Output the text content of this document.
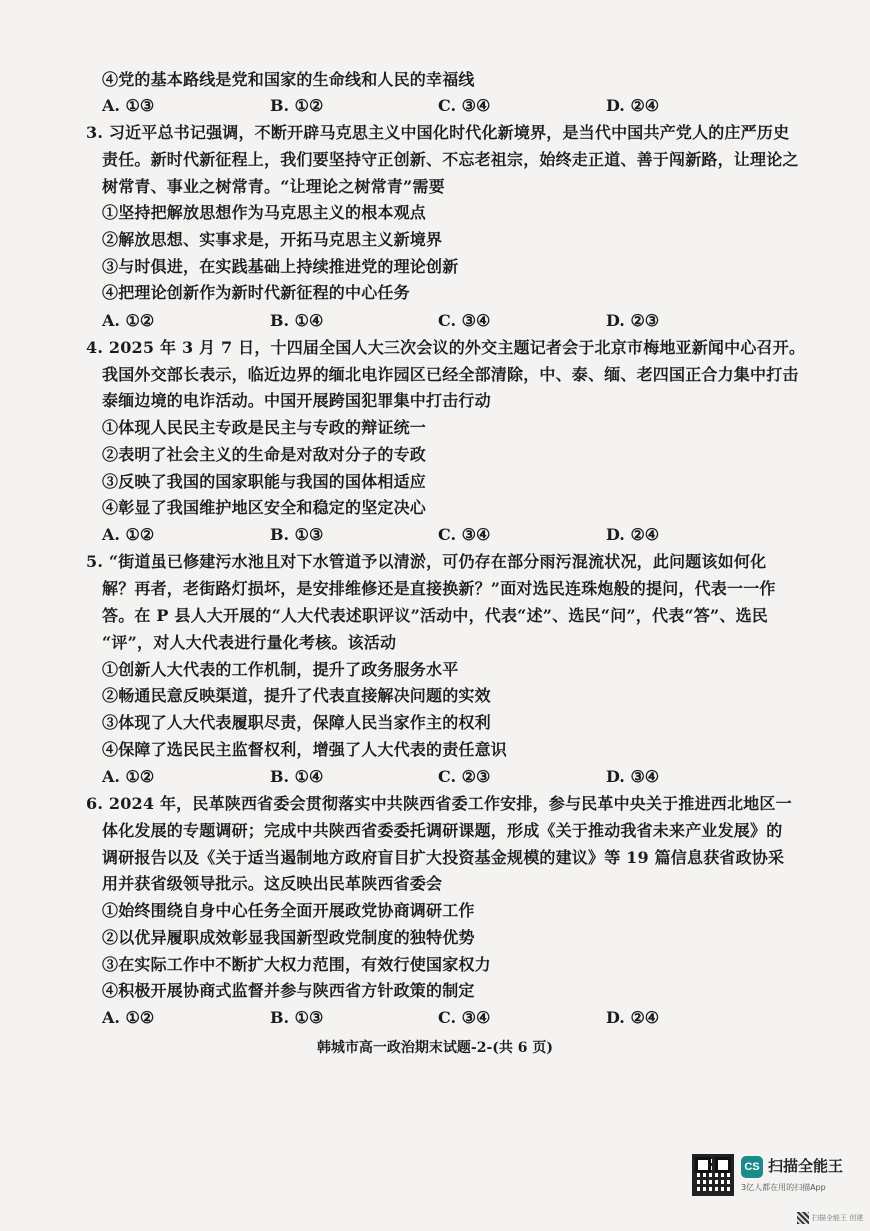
④党的基本路线是党和国家的生命线和人民的幸福线
A. ①③	B. ①②	C. ③④	D. ②④
3. 习近平总书记强调，不断开辟马克思主义中国化时代化新境界，是当代中国共产党人的庄严历史
责任。新时代新征程上，我们要坚持守正创新、不忘老祖宗，始终走正道、善于闯新路，让理论之
树常青、事业之树常青。“让理论之树常青”需要
①坚持把解放思想作为马克思主义的根本观点
②解放思想、实事求是，开拓马克思主义新境界
③与时俱进，在实践基础上持续推进党的理论创新
④把理论创新作为新时代新征程的中心任务
A. ①②	B. ①④	C. ③④	D. ②③
4. 2025 年 3 月 7 日，十四届全国人大三次会议的外交主题记者会于北京市梅地亚新闻中心召开。
我国外交部长表示，临近边界的缅北电诈园区已经全部清除，中、泰、缅、老四国正合力集中打击
泰缅边境的电诈活动。中国开展跨国犯罪集中打击行动
①体现人民民主专政是民主与专政的辩证统一
②表明了社会主义的生命是对敌对分子的专政
③反映了我国的国家职能与我国的国体相适应
④彰显了我国维护地区安全和稳定的坚定决心
A. ①②	B. ①③	C. ③④	D. ②④
5. “街道虽已修建污水池且对下水管道予以清淤，可仍存在部分雨污混流状况，此问题该如何化
解？再者，老街路灯损坏，是安排维修还是直接换新？”面对选民连珠炮般的提问，代表一一作
答。在 P 县人大开展的“人大代表述职评议”活动中，代表“述”、选民“问”，代表“答”、选民
“评”，对人大代表进行量化考核。该活动
①创新人大代表的工作机制，提升了政务服务水平
②畅通民意反映渠道，提升了代表直接解决问题的实效
③体现了人大代表履职尽责，保障人民当家作主的权利
④保障了选民民主监督权利，增强了人大代表的责任意识
A. ①②	B. ①④	C. ②③	D. ③④
6. 2024 年，民革陕西省委会贯彻落实中共陕西省委工作安排，参与民革中央关于推进西北地区一
体化发展的专题调研；完成中共陕西省委委托调研课题，形成《关于推动我省未来产业发展》的
调研报告以及《关于适当遏制地方政府盲目扩大投资基金规模的建议》等 19 篇信息获省政协采
用并获省级领导批示。这反映出民革陕西省委会
①始终围绕自身中心任务全面开展政党协商调研工作
②以优异履职成效彰显我国新型政党制度的独特优势
③在实际工作中不断扩大权力范围，有效行使国家权力
④积极开展协商式监督并参与陕西省方针政策的制定
A. ①②	B. ①③	C. ③④	D. ②④
韩城市高一政治期末试题-2-(共 6 页)
CS 扫描全能王
3亿人都在用的扫描App
扫描全能王 创建
